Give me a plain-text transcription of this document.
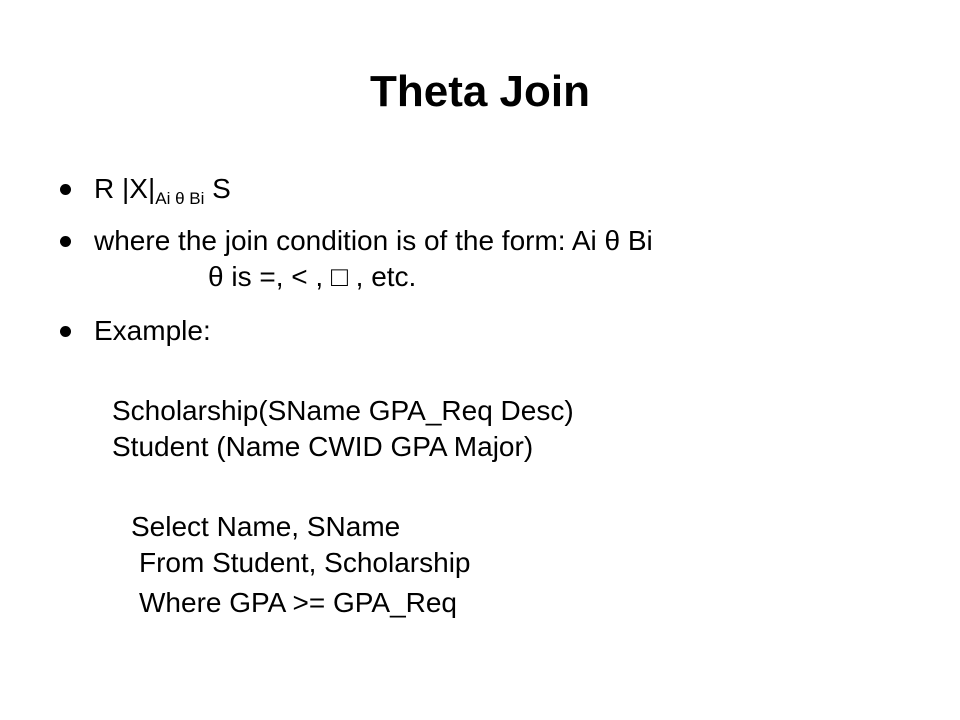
Theta Join
R $|X|_{Ai \theta Bi}$ S
where the join condition is of the form: Ai θ Bi
θ is =, < , □ , etc.
Example:
Scholarship(SName GPA_Req Desc)
Student (Name CWID GPA Major)
Select Name, SName
From Student, Scholarship
Where GPA >= GPA_Req
